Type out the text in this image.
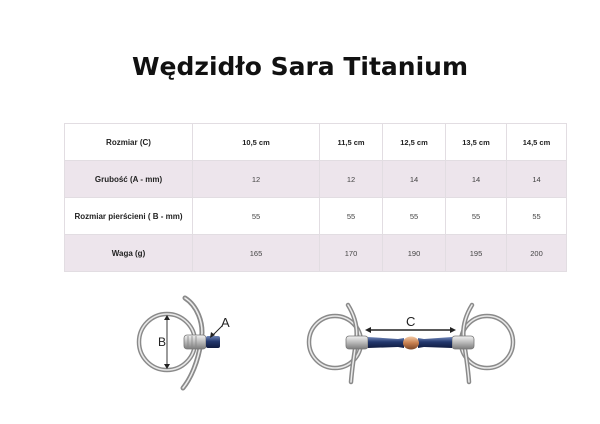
Wędzidło Sara Titanium
Rozmiar (C)	10,5 cm	11,5 cm	12,5 cm	13,5 cm	14,5 cm
Grubość (A - mm)	12	12	14	14	14
Rozmiar pierścieni ( B - mm)	55	55	55	55	55
Waga (g)	165	170	190	195	200
B
A	C
